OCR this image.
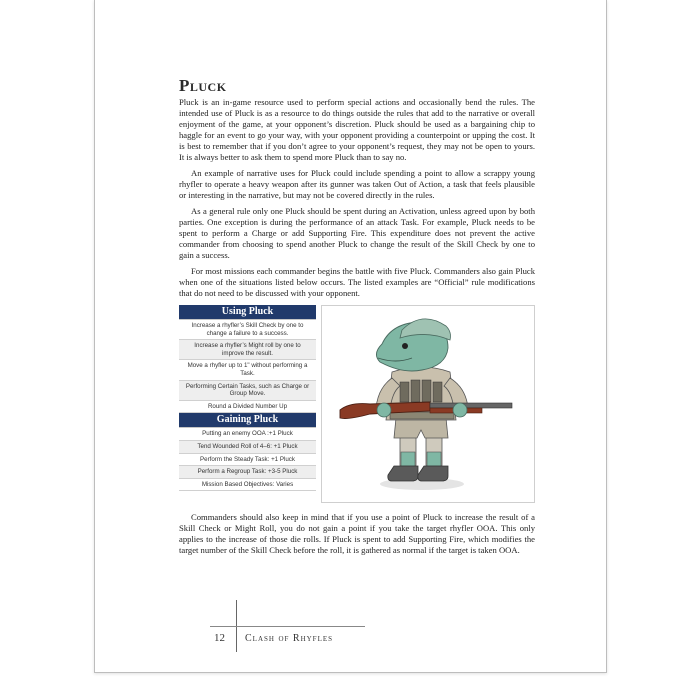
Pluck

Pluck is an in-game resource used to perform special actions and occasionally bend the rules. The intended use of Pluck is as a resource to do things outside the rules that add to the narrative or overall enjoyment of the game, at your opponent’s discretion. Pluck should be used as a bargaining chip to haggle for an event to go your way, with your opponent providing a counterpoint or upping the cost. It is best to remember that if you don’t agree to your opponent’s request, they may not be open to yours. It is always better to ask them to spend more Pluck than to say no.

An example of narrative uses for Pluck could include spending a point to allow a scrappy young rhyfler to operate a heavy weapon after its gunner was taken Out of Action, a task that feels plausible or interesting in the narrative, but may not be covered directly in the rules.

As a general rule only one Pluck should be spent during an Activation, unless agreed upon by both parties. One exception is during the performance of an attack Task. For example, Pluck needs to be spent to perform a Charge or add Supporting Fire. This expenditure does not prevent the active commander from choosing to spend another Pluck to change the result of the Skill Check by one to gain a success.

For most missions each commander begins the battle with five Pluck. Commanders also gain Pluck when one of the situations listed below occurs. The listed examples are “Official” rule modifications that do not need to be discussed with your opponent.

Using Pluck
Increase a rhyfler’s Skill Check by one to change a failure to a success.
Increase a rhyfler’s Might roll by one to improve the result.
Move a rhyfler up to 1" without performing a Task.
Performing Certain Tasks, such as Charge or Group Move.
Round a Divided Number Up
Gaining Pluck
Putting an enemy OOA :+1 Pluck
Tend Wounded Roll of 4–6: +1 Pluck
Perform the Steady Task: +1 Pluck
Perform a Regroup Task: +3-5 Pluck
Mission Based Objectives: Varies

Commanders should also keep in mind that if you use a point of Pluck to increase the result of a Skill Check or Might Roll, you do not gain a point if you take the target rhyfler OOA. This only applies to the increase of those die rolls. If Pluck is spent to add Supporting Fire, which modifies the target number of the Skill Check before the roll, it is gathered as normal if the target is taken OOA.

12 Clash of Rhyfles
